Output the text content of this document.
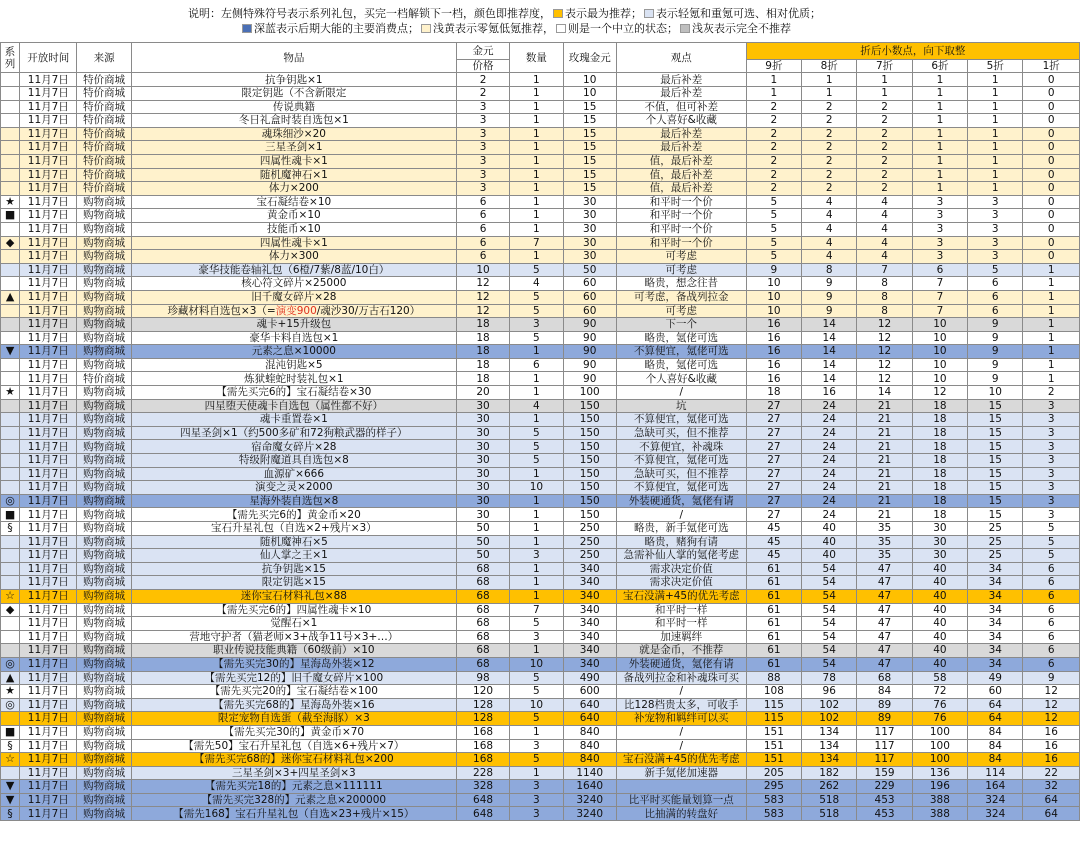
说明：左侧特殊符号表示系列礼包，买完一档解锁下一档，颜色即推荐度， 表示最为推荐； 表示轻氪和重氪可选、相对优质；
深蓝表示后期大能的主要消费点； 浅黄表示零氪低氪推荐， 则是一个中立的状态； 浅灰表示完全不推荐
系列	开放时间	来源	物品	金元	数量	玫瑰金元	观点	折后小数点，向下取整					
				价格				9折	8折	7折	6折	5折	1折
	11月7日	特价商城	抗争钥匙×1	2	1	10	最后补差	1	1	1	1	1	0
	11月7日	特价商城	限定钥匙（不含新限定	2	1	10	最后补差	1	1	1	1	1	0
	11月7日	特价商城	传说典籍	3	1	15	不值，但可补差	2	2	2	1	1	0
	11月7日	特价商城	冬日礼盒时装自选包×1	3	1	15	个人喜好&收藏	2	2	2	1	1	0
	11月7日	特价商城	魂珠细沙×20	3	1	15	最后补差	2	2	2	1	1	0
	11月7日	特价商城	三星圣剑×1	3	1	15	最后补差	2	2	2	1	1	0
	11月7日	特价商城	四属性魂卡×1	3	1	15	值，最后补差	2	2	2	1	1	0
	11月7日	特价商城	随机魔神石×1	3	1	15	值，最后补差	2	2	2	1	1	0
	11月7日	特价商城	体力×200	3	1	15	值，最后补差	2	2	2	1	1	0
★	11月7日	购物商城	宝石凝结卷×10	6	1	30	和平时一个价	5	4	4	3	3	0
■	11月7日	购物商城	黄金币×10	6	1	30	和平时一个价	5	4	4	3	3	0
	11月7日	购物商城	技能币×10	6	1	30	和平时一个价	5	4	4	3	3	0
◆	11月7日	购物商城	四属性魂卡×1	6	7	30	和平时一个价	5	4	4	3	3	0
	11月7日	购物商城	体力×300	6	1	30	可考虑	5	4	4	3	3	0
	11月7日	购物商城	豪华技能卷轴礼包（6橙/7紫/8蓝/10白）	10	5	50	可考虑	9	8	7	6	5	1
	11月7日	购物商城	核心符文碎片×25000	12	4	60	略贵，想念往昔	10	9	8	7	6	1
▲	11月7日	购物商城	旧千魔女碎片×28	12	5	60	可考虑，备战列拉金	10	9	8	7	6	1
	11月7日	购物商城	珍藏材料自选包×3（=演变900/魂沙30/万古石120）	12	5	60	可考虑	10	9	8	7	6	1
	11月7日	购物商城	魂卡+15升级包	18	3	90	下一个	16	14	12	10	9	1
	11月7日	购物商城	豪华卡料自选包×1	18	5	90	略贵，氪佬可选	16	14	12	10	9	1
▼	11月7日	购物商城	元素之息×10000	18	1	90	不算便宜，氪佬可选	16	14	12	10	9	1
	11月7日	购物商城	混沌钥匙×5	18	6	90	略贵，氪佬可选	16	14	12	10	9	1
	11月7日	特价商城	炼狱蝰蛇时装礼包×1	18	1	90	个人喜好&收藏	16	14	12	10	9	1
★	11月7日	购物商城	【需先买完6的】宝石凝结卷×30	20	1	100	/	18	16	14	12	10	2
	11月7日	购物商城	四星堕天使魂卡自选包（属性都不好）	30	4	150	坑	27	24	21	18	15	3
	11月7日	购物商城	魂卡重置卷×1	30	1	150	不算便宜，氪佬可选	27	24	21	18	15	3
	11月7日	购物商城	四星圣剑×1（约500多矿和72狗粮武器的样子）	30	5	150	急缺可买，但不推荐	27	24	21	18	15	3
	11月7日	购物商城	宿命魔女碎片×28	30	5	150	不算便宜，补魂珠	27	24	21	18	15	3
	11月7日	购物商城	特级附魔道具自选包×8	30	5	150	不算便宜，氪佬可选	27	24	21	18	15	3
	11月7日	购物商城	血源矿×666	30	1	150	急缺可买，但不推荐	27	24	21	18	15	3
	11月7日	购物商城	演变之灵×2000	30	10	150	不算便宜，氪佬可选	27	24	21	18	15	3
◎	11月7日	购物商城	星海外装自选包×8	30	1	150	外装硬通货，氪佬有请	27	24	21	18	15	3
■	11月7日	购物商城	【需先买完6的】黄金币×20	30	1	150	/	27	24	21	18	15	3
§	11月7日	购物商城	宝石升星礼包（自选×2+残片×3）	50	1	250	略贵，新手氪佬可选	45	40	35	30	25	5
	11月7日	购物商城	随机魔神石×5	50	1	250	略贵，赌狗有请	45	40	35	30	25	5
	11月7日	购物商城	仙人掌之王×1	50	3	250	急需补仙人掌的氪佬考虑	45	40	35	30	25	5
	11月7日	购物商城	抗争钥匙×15	68	1	340	需求决定价值	61	54	47	40	34	6
	11月7日	购物商城	限定钥匙×15	68	1	340	需求决定价值	61	54	47	40	34	6
☆	11月7日	购物商城	迷你宝石材料礼包×88	68	1	340	宝石没满+45的优先考虑	61	54	47	40	34	6
◆	11月7日	购物商城	【需先买完6的】四属性魂卡×10	68	7	340	和平时一样	61	54	47	40	34	6
	11月7日	购物商城	觉醒石×1	68	5	340	和平时一样	61	54	47	40	34	6
	11月7日	购物商城	营地守护者（猫老师×3+战争11号×3+…）	68	3	340	加速羁绊	61	54	47	40	34	6
	11月7日	购物商城	职业传说技能典籍（60级前）×10	68	1	340	就是金币，不推荐	61	54	47	40	34	6
◎	11月7日	购物商城	【需先买完30的】星海岛外装×12	68	10	340	外装硬通货，氪佬有请	61	54	47	40	34	6
▲	11月7日	购物商城	【需先买完12的】旧千魔女碎片×100	98	5	490	备战列拉金和补魂珠可买	88	78	68	58	49	9
★	11月7日	购物商城	【需先买完20的】宝石凝结卷×100	120	5	600	/	108	96	84	72	60	12
◎	11月7日	购物商城	【需先买完68的】星海岛外装×16	128	10	640	比128档贵太多，可收手	115	102	89	76	64	12
	11月7日	购物商城	限定宠物自选蛋（截至海豚）×3	128	5	640	补宠物和羁绊可以买	115	102	89	76	64	12
■	11月7日	购物商城	【需先买完30的】黄金币×70	168	1	840	/	151	134	117	100	84	16
§	11月7日	购物商城	【需先50】宝石升星礼包（自选×6+残片×7）	168	3	840	/	151	134	117	100	84	16
☆	11月7日	购物商城	【需先买完68的】迷你宝石材料礼包×200	168	5	840	宝石没满+45的优先考虑	151	134	117	100	84	16
	11月7日	购物商城	三星圣剑×3+四星圣剑×3	228	1	1140	新手氪佬加速器	205	182	159	136	114	22
▼	11月7日	购物商城	【需先买完18的】元素之息×111111	328	3	1640		295	262	229	196	164	32
▼	11月7日	购物商城	【需先买完328的】元素之息×200000	648	3	3240	比平时买能量划算一点	583	518	453	388	324	64
§	11月7日	购物商城	【需先168】宝石升星礼包（自选×23+残片×15）	648	3	3240	比抽满的转盘好	583	518	453	388	324	64
